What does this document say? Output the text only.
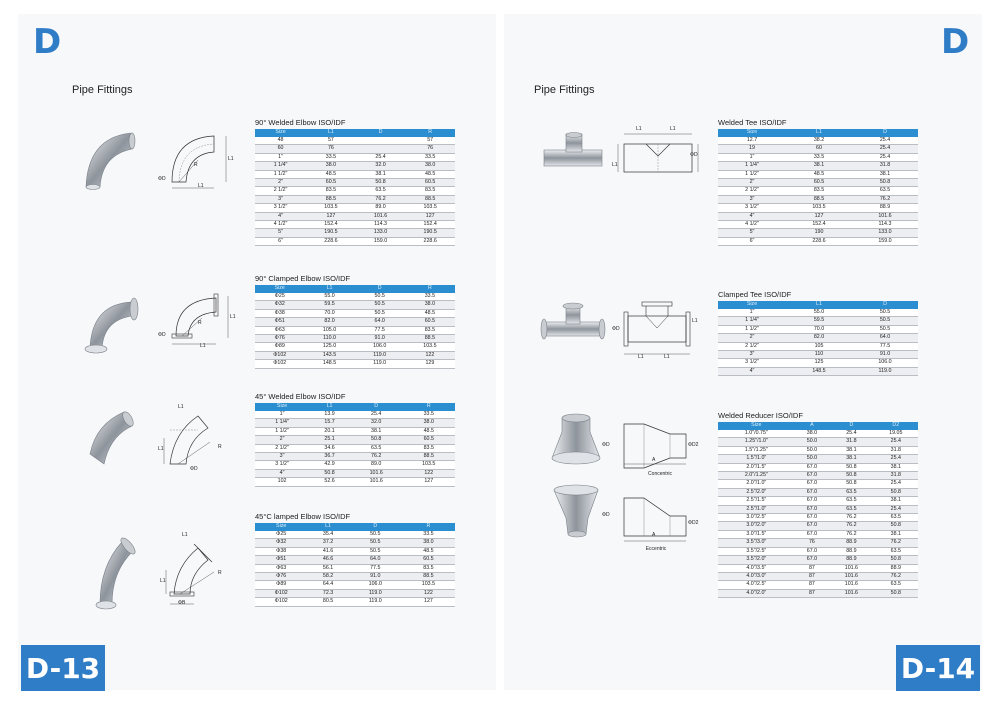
D
Pipe Fittings
D-13
L1
L1
R
ΦD
90° Welded Elbow ISO/IDF
Size	L1	D	R
48	57		57
60	76		76
1"	33.5	25.4	33.5
1 1/4"	38.0	32.0	38.0
1 1/2"	48.5	38.1	48.5
2"	60.5	50.8	60.5
2 1/2"	83.5	63.5	83.5
3"	88.5	76.2	88.5
3 1/2"	103.5	89.0	103.5
4"	127	101.6	127
4 1/2"	152.4	114.3	152.4
5"	190.5	133.0	190.5
6"	228.6	159.0	228.6
L1
L1
R
ΦD
90° Clamped Elbow ISO/IDF
Size	L1	D	R
Φ25	55.0	50.5	33.5
Φ32	59.5	50.5	38.0
Φ38	70.0	50.5	48.5
Φ51	82.0	64.0	60.5
Φ63	105.0	77.5	83.5
Φ76	110.0	91.0	88.5
Φ89	125.0	106.0	103.5
Φ102	143.5	119.0	122
Φ102	148.5	119.0	129
L1
L1	R
ΦD
45° Welded Elbow ISO/IDF
Size	L1	D	R
1"	13.9	25.4	33.5
1 1/4"	15.7	32.0	38.0
1 1/2"	20.1	38.1	48.5
2"	25.1	50.8	60.5
2 1/2"	34.6	63.5	83.5
3"	36.7	76.2	88.5
3 1/2"	42.9	89.0	103.5
4"	50.8	101.6	122
102	52.6	101.6	127
L1
L1
R
ΦB
45°C lamped Elbow ISO/IDF
Size	L1	D	R
Φ25	35.4	50.5	33.5
Φ32	37.2	50.5	38.0
Φ38	41.6	50.5	48.5
Φ51	46.6	64.0	60.5
Φ63	56.1	77.5	83.5
Φ76	58.2	91.0	88.5
Φ89	64.4	106.0	103.5
Φ102	72.3	119.0	122
Φ102	80.5	119.0	127
D
Pipe Fittings
D-14
L1	L1
L1
ΦD
Welded Tee ISO/IDF
Size	L1	D
12.7	38.2	25.4
19	60	25.4
1"	33.5	25.4
1 1/4"	38.1	31.8
1 1/2"	48.5	38.1
2"	60.5	50.8
2 1/2"	83.5	63.5
3"	88.5	76.2
3 1/2"	103.5	88.9
4"	127	101.6
4 1/2"	152.4	114.3
5"	190	133.0
6"	228.6	159.0
L1	L1
ΦD
L1
Clamped Tee ISO/IDF
Size	L1	D
1"	55.0	50.5
1 1/4"	59.5	50.5
1 1/2"	70.0	50.5
2"	82.0	64.0
2 1/2"	105	77.5
3"	110	91.0
3 1/2"	125	106.0
4"	148.5	119.0
A
ΦD	ΦD2
Concentric
A
ΦD
ΦD2
Eccentric
Welded Reducer ISO/IDF
Size	A	D	D2
1.0"/0.75"	38.0	25.4	19.05
1.25"/1.0"	50.0	31.8	25.4
1.5"/1.25"	50.0	38.1	31.8
1.5"/1.0"	50.0	38.1	25.4
2.0"/1.5"	67.0	50.8	38.1
2.0"/1.25"	67.0	50.8	31.8
2.0"/1.0"	67.0	50.8	25.4
2.5"/2.0"	67.0	63.5	50.8
2.5"/1.5"	67.0	63.5	38.1
2.5"/1.0"	67.0	63.5	25.4
3.0"/2.5"	67.0	76.2	63.5
3.0"/2.0"	67.0	76.2	50.8
3.0"/1.5"	67.0	76.2	38.1
3.5"/3.0"	76	88.9	76.2
3.5"/2.5"	67.0	88.9	63.5
3.5"/2.0"	67.0	88.9	50.8
4.0"/3.5"	87	101.6	88.9
4.0"/3.0"	87	101.6	76.2
4.0"/2.5"	87	101.6	63.5
4.0"/2.0"	87	101.6	50.8
